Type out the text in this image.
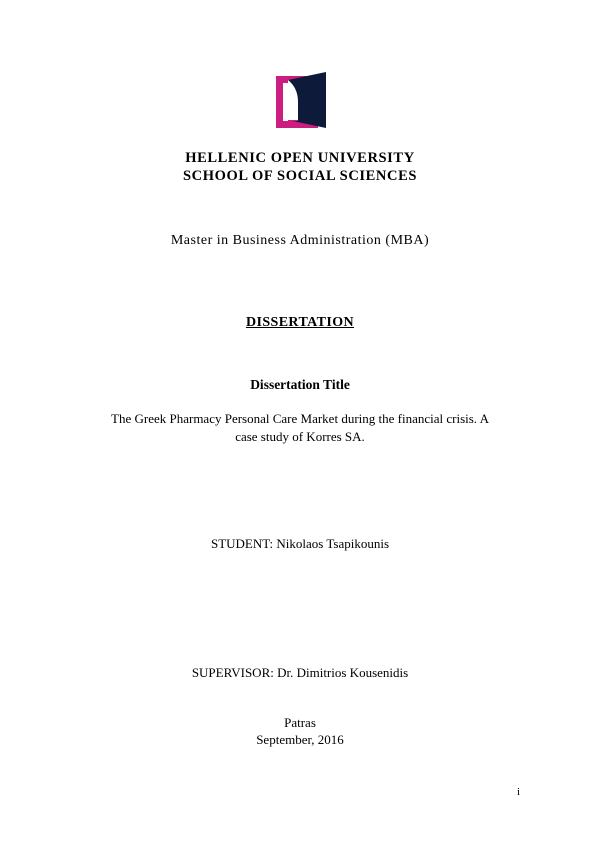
HELLENIC OPEN UNIVERSITY
SCHOOL OF SOCIAL SCIENCES
Master in Business Administration (MBA)
DISSERTATION
Dissertation Title
The Greek Pharmacy Personal Care Market during the financial crisis. A
case study of Korres SA.
STUDENT: Nikolaos Tsapikounis
SUPERVISOR: Dr. Dimitrios Kousenidis
Patras
September, 2016
i
